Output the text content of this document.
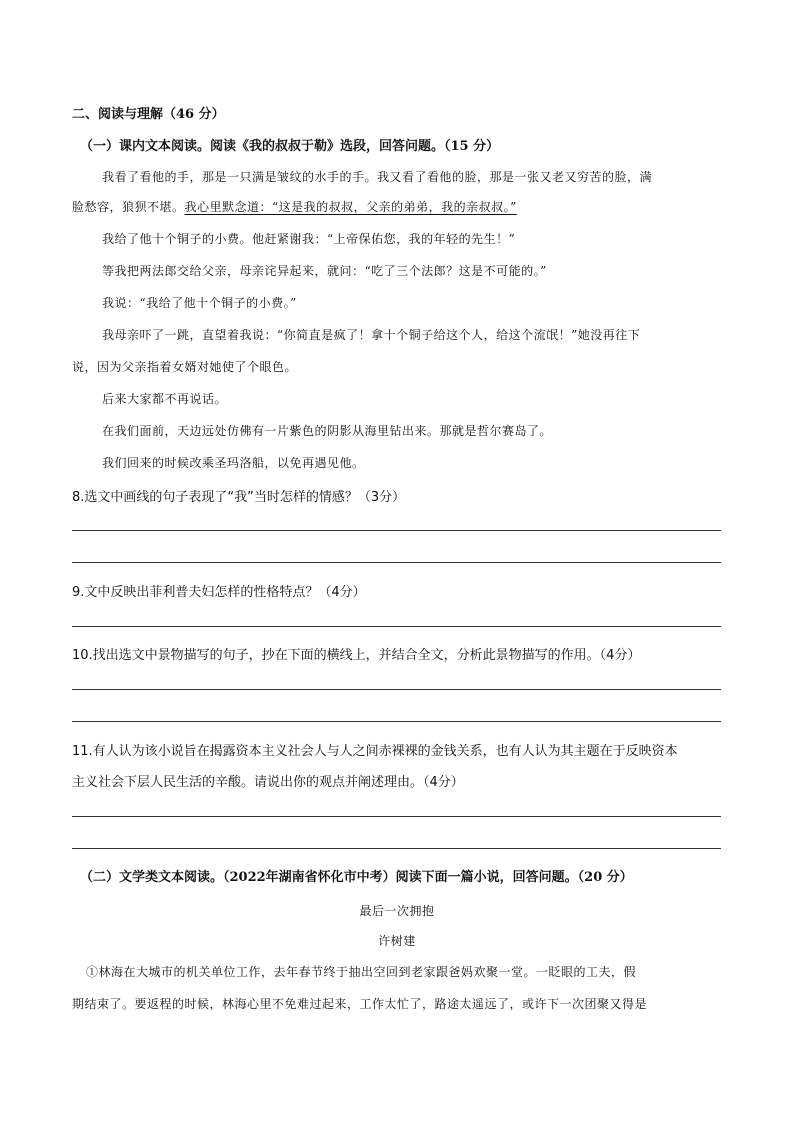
二、阅读与理解（46 分）
（一）课内文本阅读。阅读《我的叔叔于勒》选段，回答问题。（15 分）
我看了看他的手，那是一只满是皱纹的水手的手。我又看了看他的脸，那是一张又老又穷苦的脸，满
脸愁容，狼狈不堪。我心里默念道：“这是我的叔叔，父亲的弟弟，我的亲叔叔。”
我给了他十个铜子的小费。他赶紧谢我：“上帝保佑您，我的年轻的先生！”
等我把两法郎交给父亲，母亲诧异起来，就问：“吃了三个法郎？这是不可能的。”
我说：“我给了他十个铜子的小费。”
我母亲吓了一跳，直望着我说：“你简直是疯了！拿十个铜子给这个人，给这个流氓！”她没再往下
说，因为父亲指着女婿对她使了个眼色。
后来大家都不再说话。
在我们面前，天边远处仿佛有一片紫色的阴影从海里钻出来。那就是哲尔赛岛了。
我们回来的时候改乘圣玛洛船，以免再遇见他。
8.选文中画线的句子表现了“我”当时怎样的情感？（3分）
9.文中反映出菲利普夫妇怎样的性格特点？（4分）
10.找出选文中景物描写的句子，抄在下面的横线上，并结合全文，分析此景物描写的作用。（4分）
11.有人认为该小说旨在揭露资本主义社会人与人之间赤裸裸的金钱关系，也有人认为其主题在于反映资本
主义社会下层人民生活的辛酸。请说出你的观点并阐述理由。（4分）
（二）文学类文本阅读。（2022年湖南省怀化市中考）阅读下面一篇小说，回答问题。（20 分）
最后一次拥抱
许树建
①林海在大城市的机关单位工作，去年春节终于抽出空回到老家跟爸妈欢聚一堂。一眨眼的工夫，假
期结束了。要返程的时候，林海心里不免难过起来，工作太忙了，路途太遥远了，或许下一次团聚又得是
